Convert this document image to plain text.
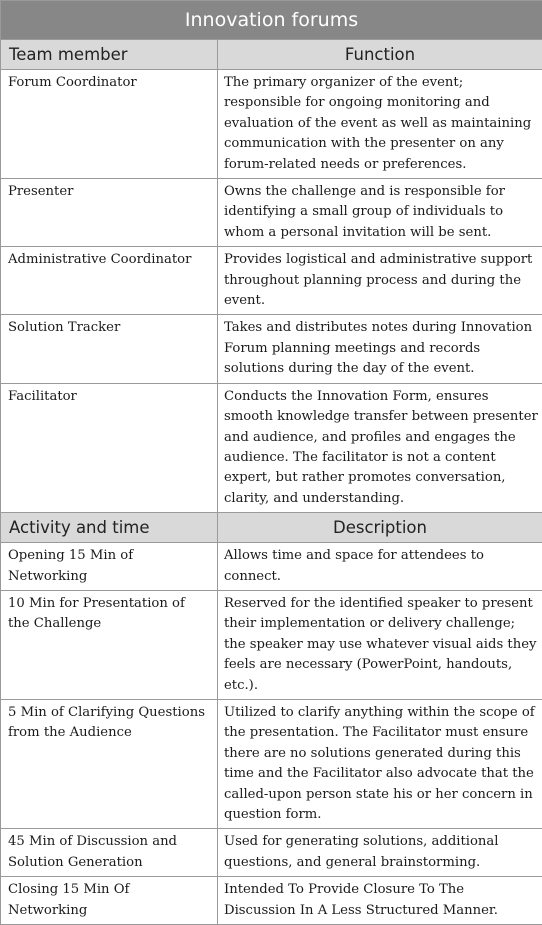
Innovation forums	
Team member	Function
Forum Coordinator	The primary organizer of the event; responsible for ongoing monitoring and evaluation of the event as well as maintaining communication with the presenter on any forum-related needs or preferences.
Presenter	Owns the challenge and is responsible for identifying a small group of individuals to whom a personal invitation will be sent.
Administrative Coordinator	Provides logistical and administrative support throughout planning process and during the event.
Solution Tracker	Takes and distributes notes during Innovation Forum planning meetings and records solutions during the day of the event.
Facilitator	Conducts the Innovation Form, ensures smooth knowledge transfer between presenter and audience, and profiles and engages the audience. The facilitator is not a content expert, but rather promotes conversation, clarity, and understanding.
Activity and time	Description
Opening 15 Min of Networking	Allows time and space for attendees to connect.
10 Min for Presentation of the Challenge	Reserved for the identified speaker to present their implementation or delivery challenge; the speaker may use whatever visual aids they feels are necessary (PowerPoint, handouts, etc.).
5 Min of Clarifying Questions from the Audience	Utilized to clarify anything within the scope of the presentation. The Facilitator must ensure there are no solutions generated during this time and the Facilitator also advocate that the called-upon person state his or her concern in question form.
45 Min of Discussion and Solution Generation	Used for generating solutions, additional questions, and general brainstorming.
Closing 15 Min Of Networking	Intended To Provide Closure To The Discussion In A Less Structured Manner.
